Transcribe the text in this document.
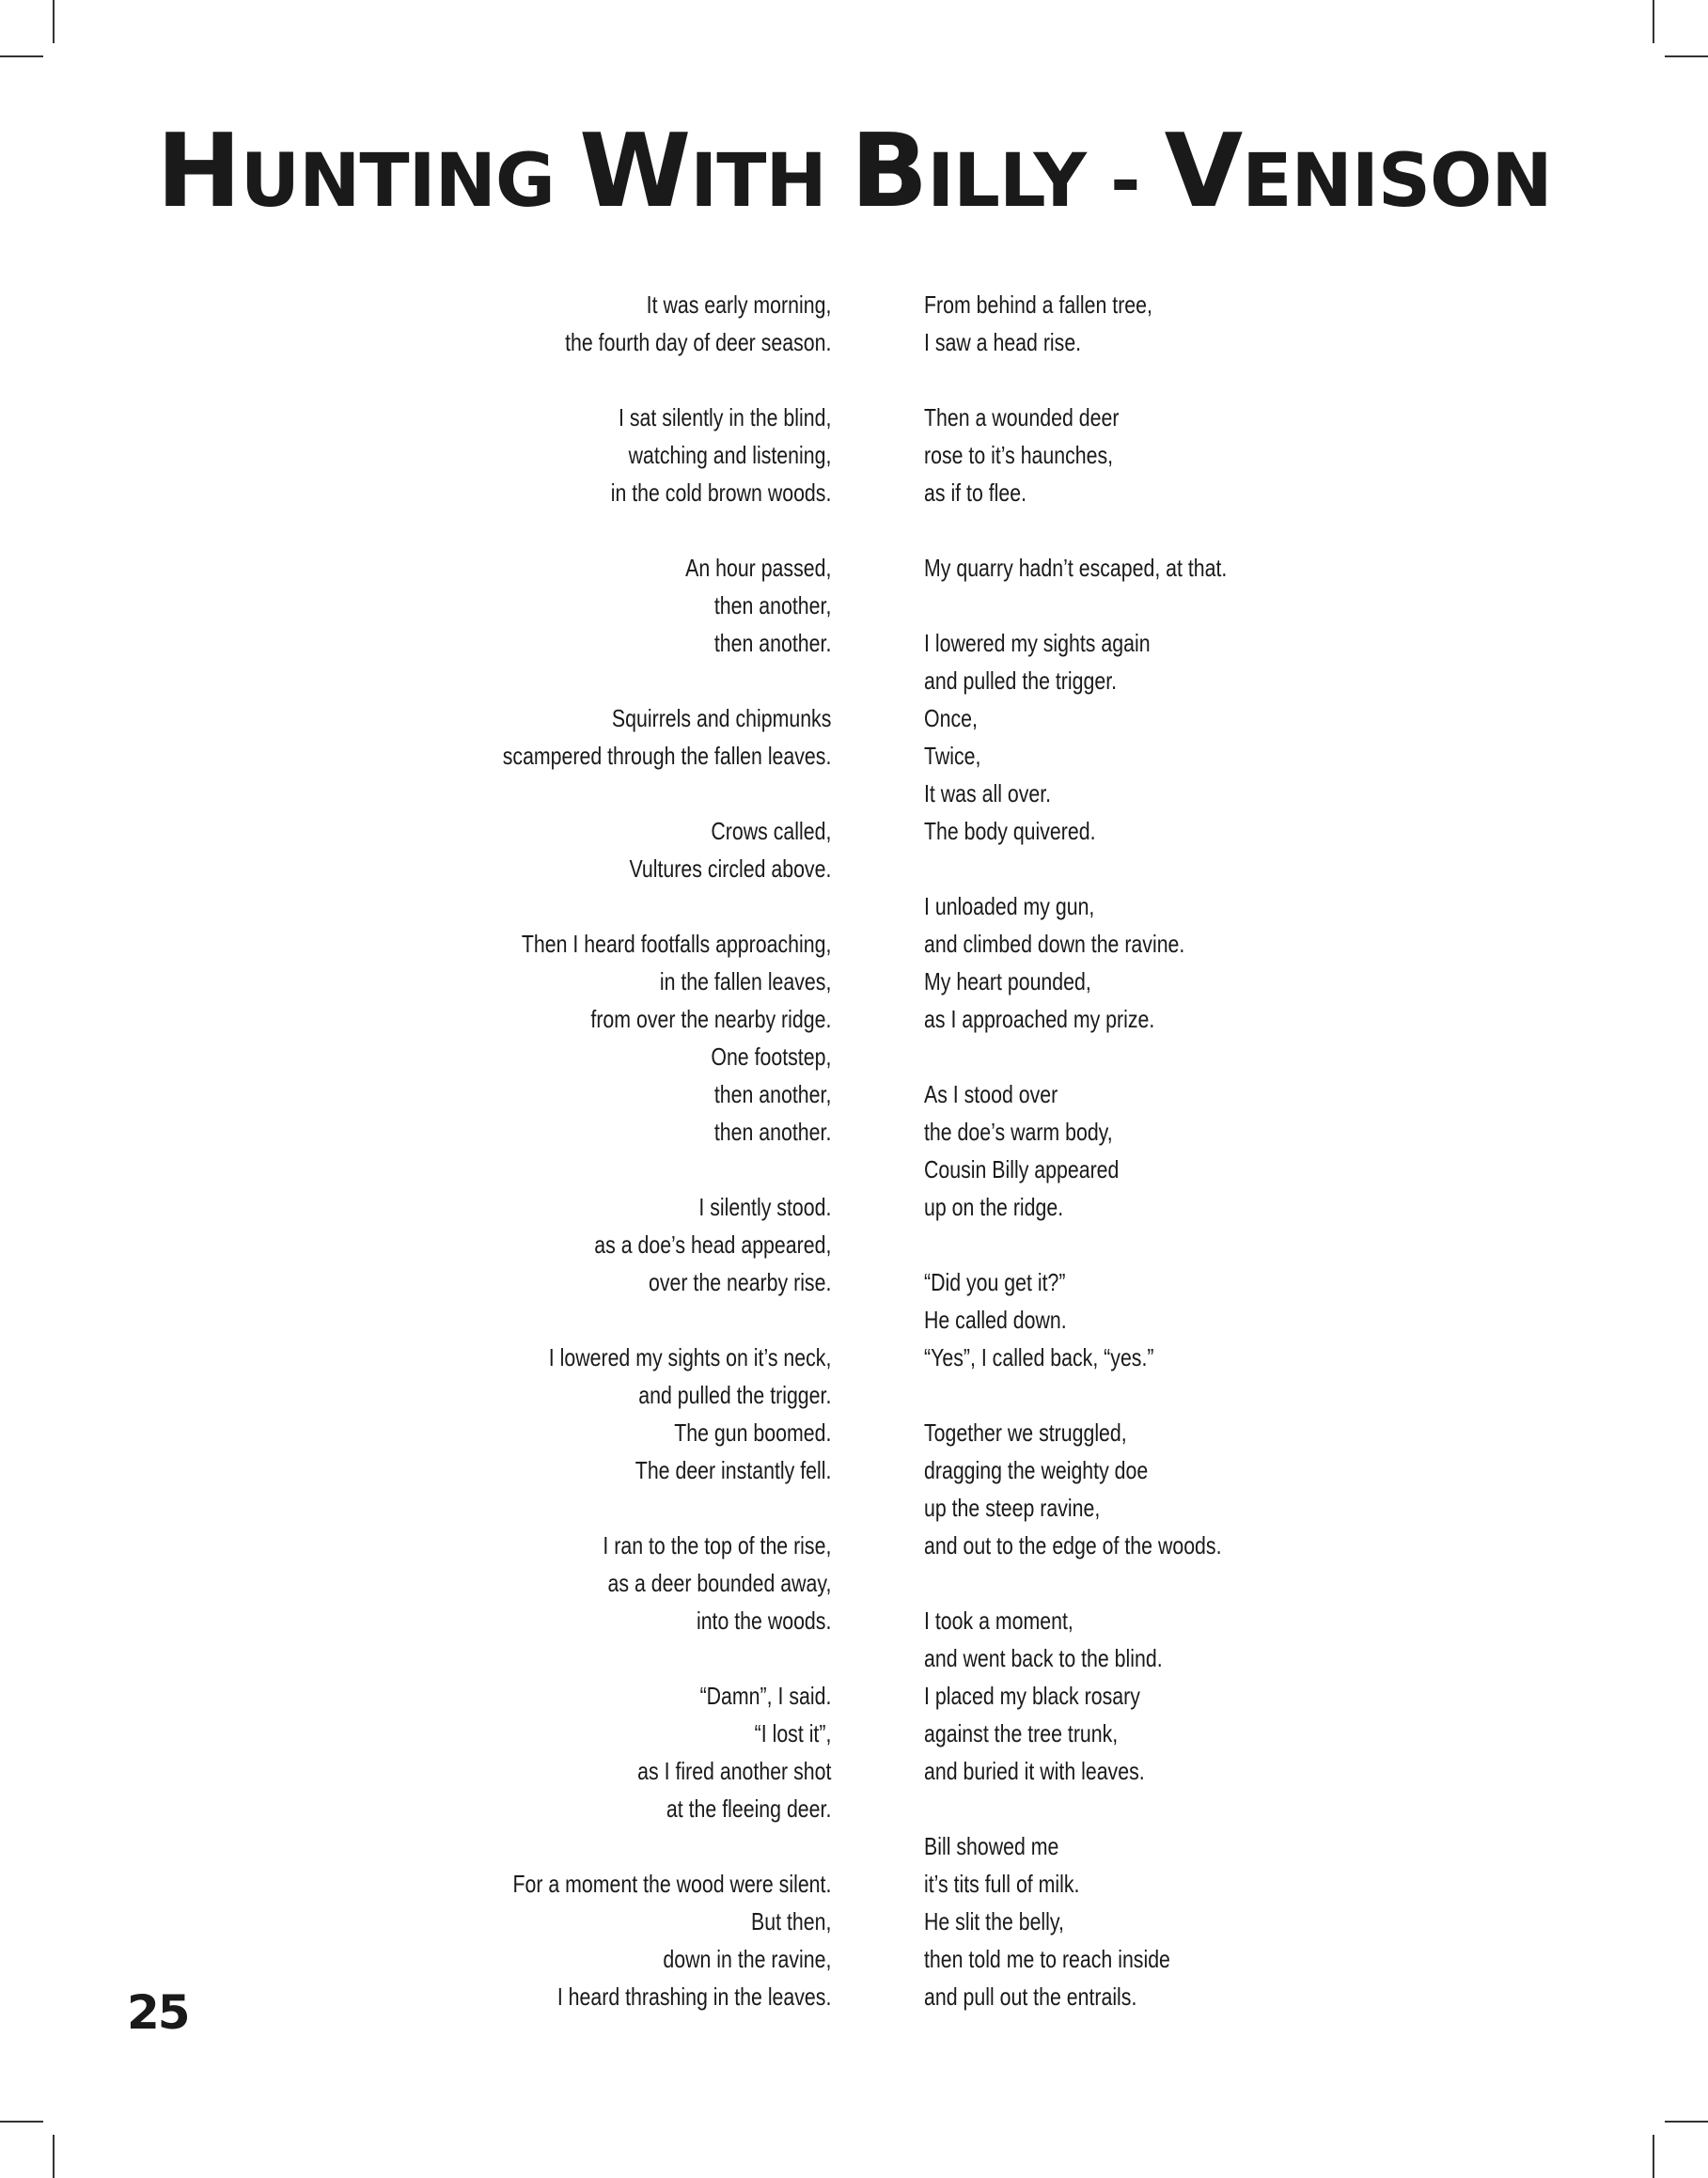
HUNTING WITH BILLY - VENISON
It was early morning,
the fourth day of deer season.
I sat silently in the blind,
watching and listening,
in the cold brown woods.
An hour passed,
then another,
then another.
Squirrels and chipmunks
scampered through the fallen leaves.
Crows called,
Vultures circled above.
Then I heard footfalls approaching,
in the fallen leaves,
from over the nearby ridge.
One footstep,
then another,
then another.
I silently stood.
as a doe’s head appeared,
over the nearby rise.
I lowered my sights on it’s neck,
and pulled the trigger.
The gun boomed.
The deer instantly fell.
I ran to the top of the rise,
as a deer bounded away,
into the woods.
“Damn”, I said.
“I lost it”,
as I fired another shot
at the fleeing deer.
For a moment the wood were silent.
But then,
down in the ravine,
I heard thrashing in the leaves.
From behind a fallen tree,
I saw a head rise.
Then a wounded deer
rose to it’s haunches,
as if to flee.
My quarry hadn’t escaped, at that.
I lowered my sights again
and pulled the trigger.
Once,
Twice,
It was all over.
The body quivered.
I unloaded my gun,
and climbed down the ravine.
My heart pounded,
as I approached my prize.
As I stood over
the doe’s warm body,
Cousin Billy appeared
up on the ridge.
“Did you get it?”
He called down.
“Yes”, I called back, “yes.”
Together we struggled,
dragging the weighty doe
up the steep ravine,
and out to the edge of the woods.
I took a moment,
and went back to the blind.
I placed my black rosary
against the tree trunk,
and buried it with leaves.
Bill showed me
it’s tits full of milk.
He slit the belly,
then told me to reach inside
and pull out the entrails.
25
